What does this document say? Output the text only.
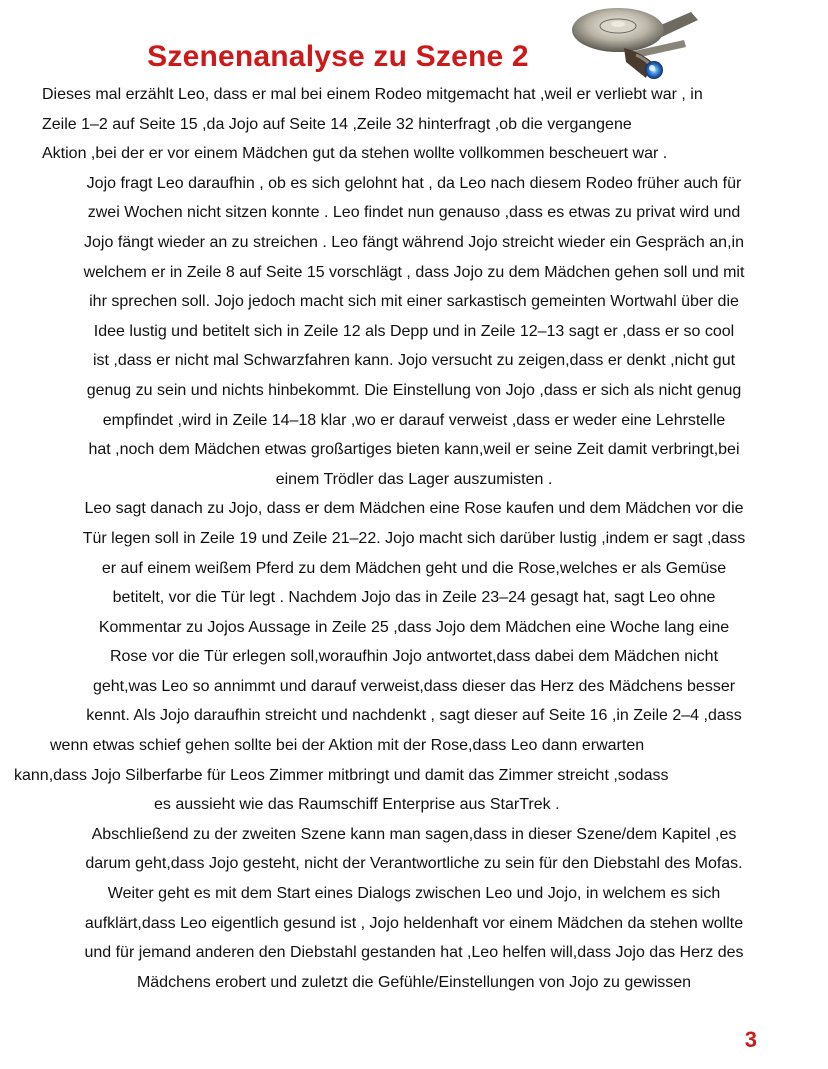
Szenenanalyse zu Szene 2
Dieses mal erzählt Leo, dass er mal bei einem Rodeo mitgemacht hat ,weil er verliebt war , in
Zeile 1–2 auf Seite 15 ,da Jojo auf Seite 14 ,Zeile 32 hinterfragt ,ob die vergangene
Aktion ,bei der er vor einem Mädchen gut da stehen wollte vollkommen bescheuert war .
Jojo fragt Leo daraufhin , ob es sich gelohnt hat , da Leo nach diesem Rodeo früher auch für
zwei Wochen nicht sitzen konnte . Leo findet nun genauso ,dass es etwas zu privat wird und
Jojo fängt wieder an zu streichen . Leo fängt während Jojo streicht wieder ein Gespräch an,in
welchem er in Zeile 8 auf Seite 15 vorschlägt , dass Jojo zu dem Mädchen gehen soll und mit
ihr sprechen soll. Jojo jedoch macht sich mit einer sarkastisch gemeinten Wortwahl über die
Idee lustig und betitelt sich in Zeile 12 als Depp und in Zeile 12–13 sagt er ,dass er so cool
ist ,dass er nicht mal Schwarzfahren kann. Jojo versucht zu zeigen,dass er denkt ,nicht gut
genug zu sein und nichts hinbekommt. Die Einstellung von Jojo ,dass er sich als nicht genug
empfindet ,wird in Zeile 14–18 klar ,wo er darauf verweist ,dass er weder eine Lehrstelle
hat ,noch dem Mädchen etwas großartiges bieten kann,weil er seine Zeit damit verbringt,bei
einem Trödler das Lager auszumisten .
Leo sagt danach zu Jojo, dass er dem Mädchen eine Rose kaufen und dem Mädchen vor die
Tür legen soll in Zeile 19 und Zeile 21–22. Jojo macht sich darüber lustig ,indem er sagt ,dass
er auf einem weißem Pferd zu dem Mädchen geht und die Rose,welches er als Gemüse
betitelt, vor die Tür legt . Nachdem Jojo das in Zeile 23–24 gesagt hat, sagt Leo ohne
Kommentar zu Jojos Aussage in Zeile 25 ,dass Jojo dem Mädchen eine Woche lang eine
Rose vor die Tür erlegen soll,woraufhin Jojo antwortet,dass dabei dem Mädchen nicht
geht,was Leo so annimmt und darauf verweist,dass dieser das Herz des Mädchens besser
kennt. Als Jojo daraufhin streicht und nachdenkt , sagt dieser auf Seite 16 ,in Zeile 2–4 ,dass
wenn etwas schief gehen sollte bei der Aktion mit der Rose,dass Leo dann erwarten
kann,dass Jojo Silberfarbe für Leos Zimmer mitbringt und damit das Zimmer streicht ,sodass
es aussieht wie das Raumschiff Enterprise aus StarTrek .
Abschließend zu der zweiten Szene kann man sagen,dass in dieser Szene/dem Kapitel ,es
darum geht,dass Jojo gesteht, nicht der Verantwortliche zu sein für den Diebstahl des Mofas.
Weiter geht es mit dem Start eines Dialogs zwischen Leo und Jojo, in welchem es sich
aufklärt,dass Leo eigentlich gesund ist , Jojo heldenhaft vor einem Mädchen da stehen wollte
und für jemand anderen den Diebstahl gestanden hat ,Leo helfen will,dass Jojo das Herz des
Mädchens erobert und zuletzt die Gefühle/Einstellungen von Jojo zu gewissen
3
